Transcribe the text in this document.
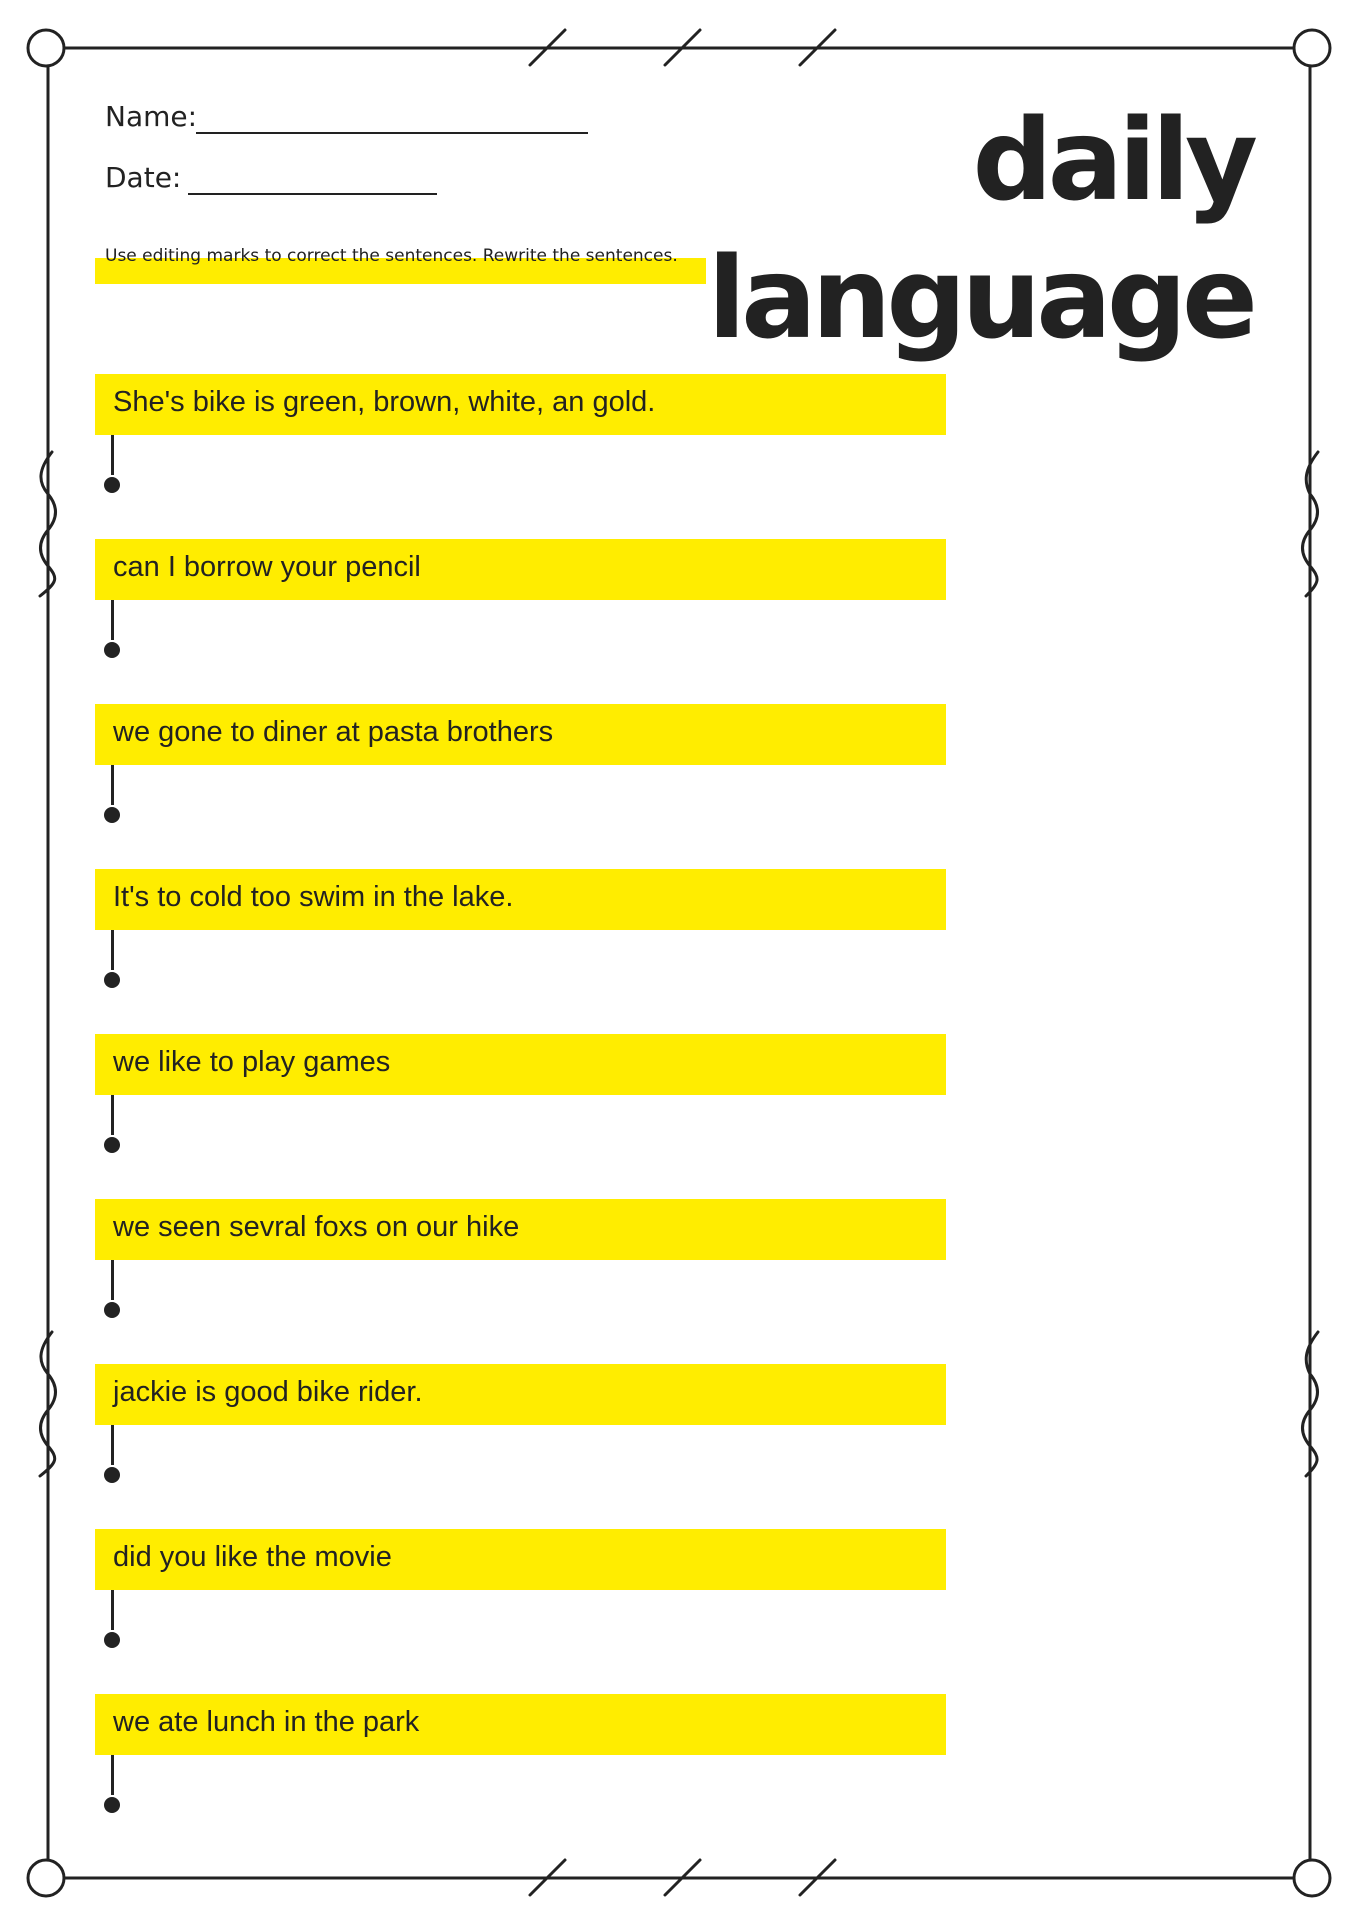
Name:
Date:
Use editing marks to correct the sentences. Rewrite the sentences.
daily
language
She's bike is green, brown, white, an gold.
can I borrow your pencil
we gone to diner at pasta brothers
It's to cold too swim in the lake.
we like to play games
we seen sevral foxs on our hike
jackie is good bike rider.
did you like the movie
we ate lunch in the park
